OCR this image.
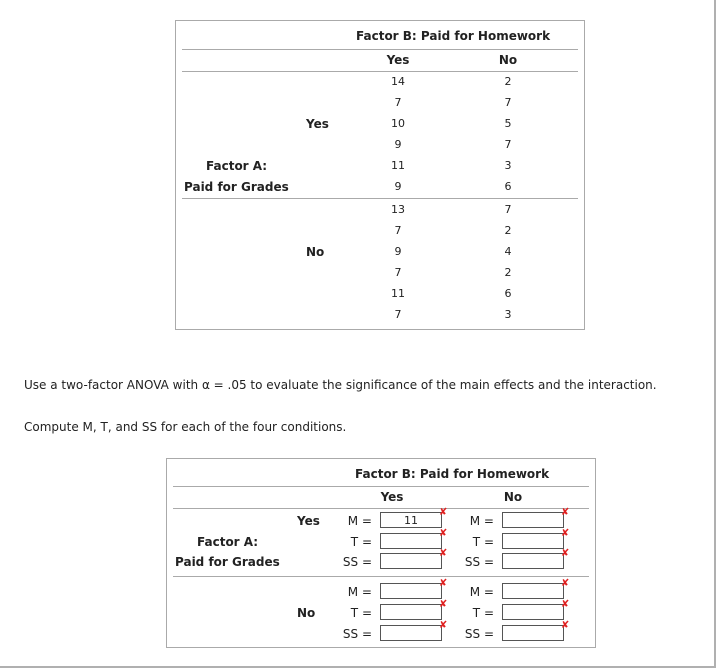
Factor B: Paid for Homework
Yes	No
Yes
Factor A:
Paid for Grades
No
14
7
10
9
11
9
2
7
5
7
3
6
13
7
9
7
11
7
7
2
4
2
6
3
Use a two-factor ANOVA with α = .05 to evaluate the significance of the main effects and the interaction.
Compute M, T, and SS for each of the four conditions.
Factor B: Paid for Homework
Yes	No
Yes
Factor A:
Paid for Grades
No
M =
T =
SS =
11
✘
✘
✘
M =
T =
SS =
✘
✘
✘
M =
T =
SS =
✘
✘
✘
M =
T =
SS =
✘
✘
✘
